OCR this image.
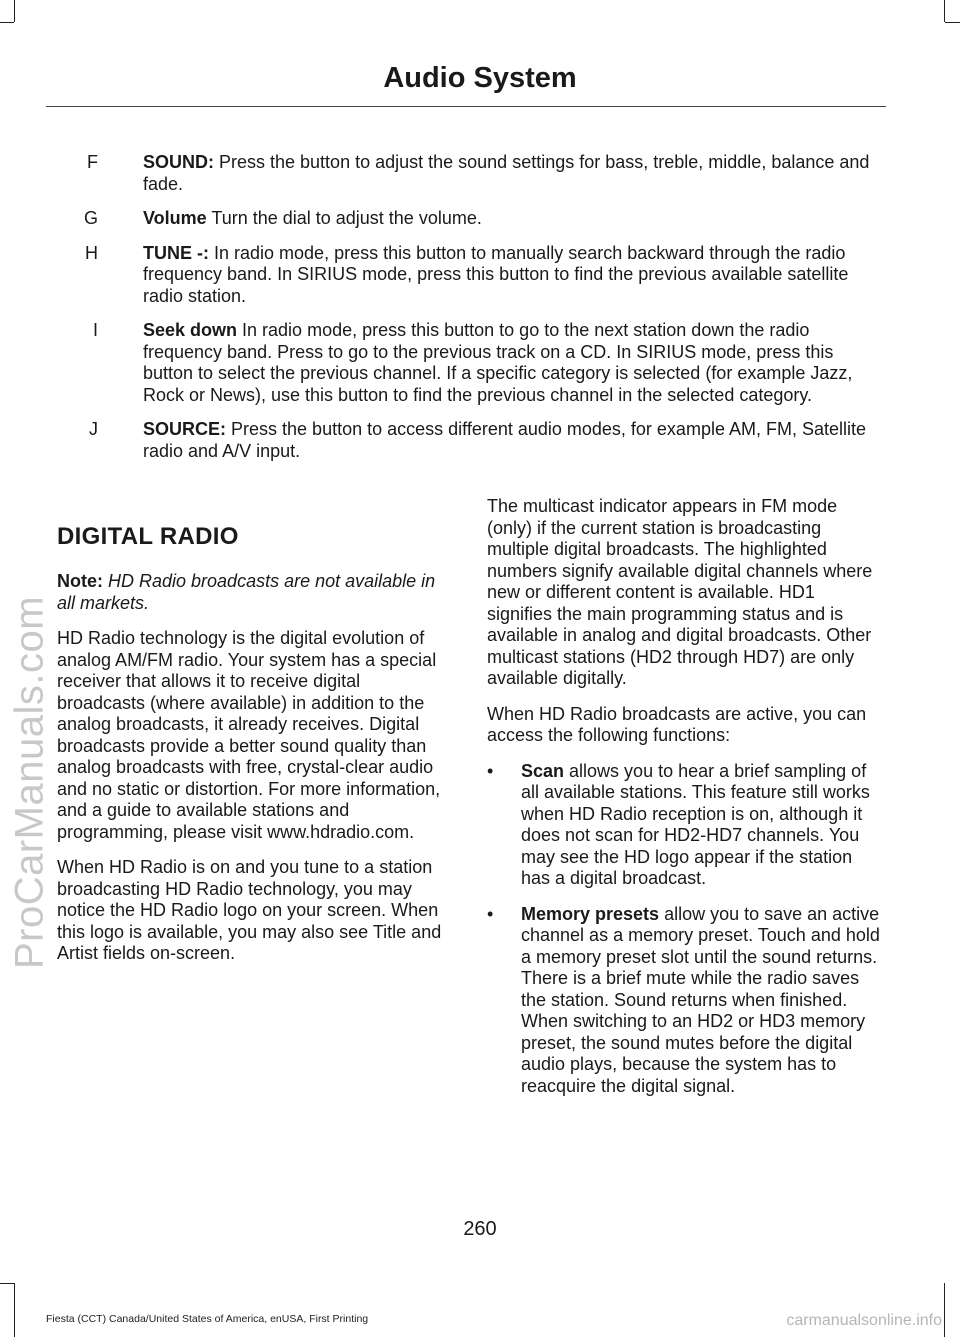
Audio System
F	SOUND: Press the button to adjust the sound settings for bass, treble, middle, balance and fade.
G	Volume Turn the dial to adjust the volume.
H	TUNE -: In radio mode, press this button to manually search backward through the radio frequency band. In SIRIUS mode, press this button to find the previous available satellite radio station.
I	Seek down In radio mode, press this button to go to the next station down the radio frequency band. Press to go to the previous track on a CD. In SIRIUS mode, press this button to select the previous channel. If a specific category is selected (for example Jazz, Rock or News), use this button to find the previous channel in the selected category.
J	SOURCE: Press the button to access different audio modes, for example AM, FM, Satellite radio and A/V input.
DIGITAL RADIO

Note: HD Radio broadcasts are not available in all markets.

HD Radio technology is the digital evolution of analog AM/FM radio. Your system has a special receiver that allows it to receive digital broadcasts (where available) in addition to the analog broadcasts, it already receives. Digital broadcasts provide a better sound quality than analog broadcasts with free, crystal-clear audio and no static or distortion. For more information, and a guide to available stations and programming, please visit www.hdradio.com.

When HD Radio is on and you tune to a station broadcasting HD Radio technology, you may notice the HD Radio logo on your screen. When this logo is available, you may also see Title and Artist fields on-screen.

The multicast indicator appears in FM mode (only) if the current station is broadcasting multiple digital broadcasts. The highlighted numbers signify available digital channels where new or different content is available. HD1 signifies the main programming status and is available in analog and digital broadcasts. Other multicast stations (HD2 through HD7) are only available digitally.

When HD Radio broadcasts are active, you can access the following functions:

• Scan allows you to hear a brief sampling of all available stations. This feature still works when HD Radio reception is on, although it does not scan for HD2-HD7 channels. You may see the HD logo appear if the station has a digital broadcast.
• Memory presets allow you to save an active channel as a memory preset. Touch and hold a memory preset slot until the sound returns. There is a brief mute while the radio saves the station. Sound returns when finished. When switching to an HD2 or HD3 memory preset, the sound mutes before the digital audio plays, because the system has to reacquire the digital signal.
260
Fiesta (CCT) Canada/United States of America, enUSA, First Printing
ProCarManuals.com
carmanualsonline.info
